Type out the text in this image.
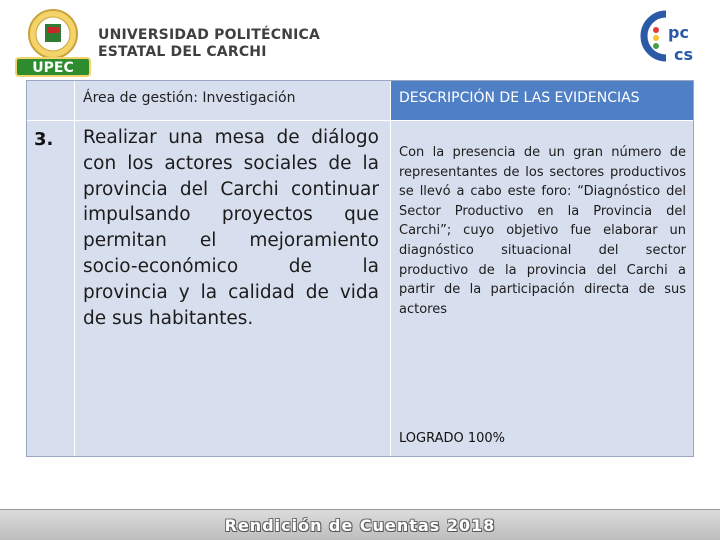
UPEC
UNIVERSIDAD POLITÉCNICA
ESTATAL DEL CARCHI
pc
cs
Cpccs
Área de gestión: Investigación	DESCRIPCIÓN DE LAS EVIDENCIAS
3. Realizar una mesa de diálogo con los actores sociales de la provincia del Carchi continuar impulsando proyectos que permitan el mejoramiento socio-económico de la provincia y la calidad de vida de sus habitantes.
Con la presencia de un gran número de representantes de los sectores productivos se llevó a cabo este foro: “Diagnóstico del Sector Productivo en la Provincia del Carchi”; cuyo objetivo fue elaborar un diagnóstico situacional del sector productivo de la provincia del Carchi a partir de la participación directa de sus actores
LOGRADO 100%
Rendición de Cuentas 2018
